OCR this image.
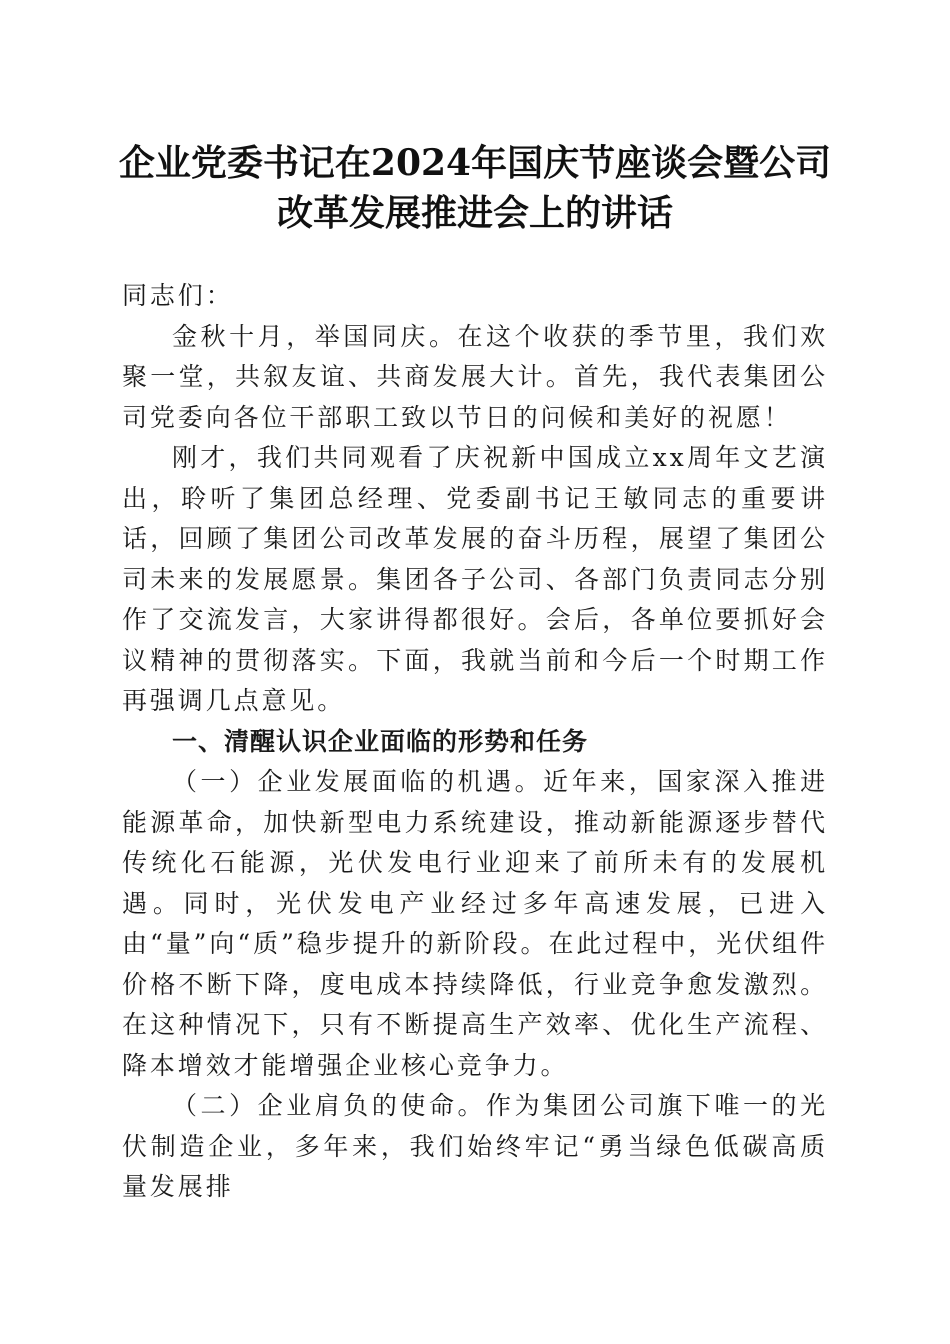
企业党委书记在2024年国庆节座谈会暨公司
改革发展推进会上的讲话

同志们：

金秋十月，举国同庆。在这个收获的季节里，我们欢聚一堂，共叙友谊、共商发展大计。首先，我代表集团公司党委向各位干部职工致以节日的问候和美好的祝愿！

刚才，我们共同观看了庆祝新中国成立xx周年文艺演出，聆听了集团总经理、党委副书记王敏同志的重要讲话，回顾了集团公司改革发展的奋斗历程，展望了集团公司未来的发展愿景。集团各子公司、各部门负责同志分别作了交流发言，大家讲得都很好。会后，各单位要抓好会议精神的贯彻落实。下面，我就当前和今后一个时期工作再强调几点意见。

一、清醒认识企业面临的形势和任务

（一）企业发展面临的机遇。近年来，国家深入推进能源革命，加快新型电力系统建设，推动新能源逐步替代传统化石能源，光伏发电行业迎来了前所未有的发展机遇。同时，光伏发电产业经过多年高速发展，已进入由“量”向“质”稳步提升的新阶段。在此过程中，光伏组件价格不断下降，度电成本持续降低，行业竞争愈发激烈。在这种情况下，只有不断提高生产效率、优化生产流程、降本增效才能增强企业核心竞争力。

（二）企业肩负的使命。作为集团公司旗下唯一的光伏制造企业，多年来，我们始终牢记“勇当绿色低碳高质量发展排
